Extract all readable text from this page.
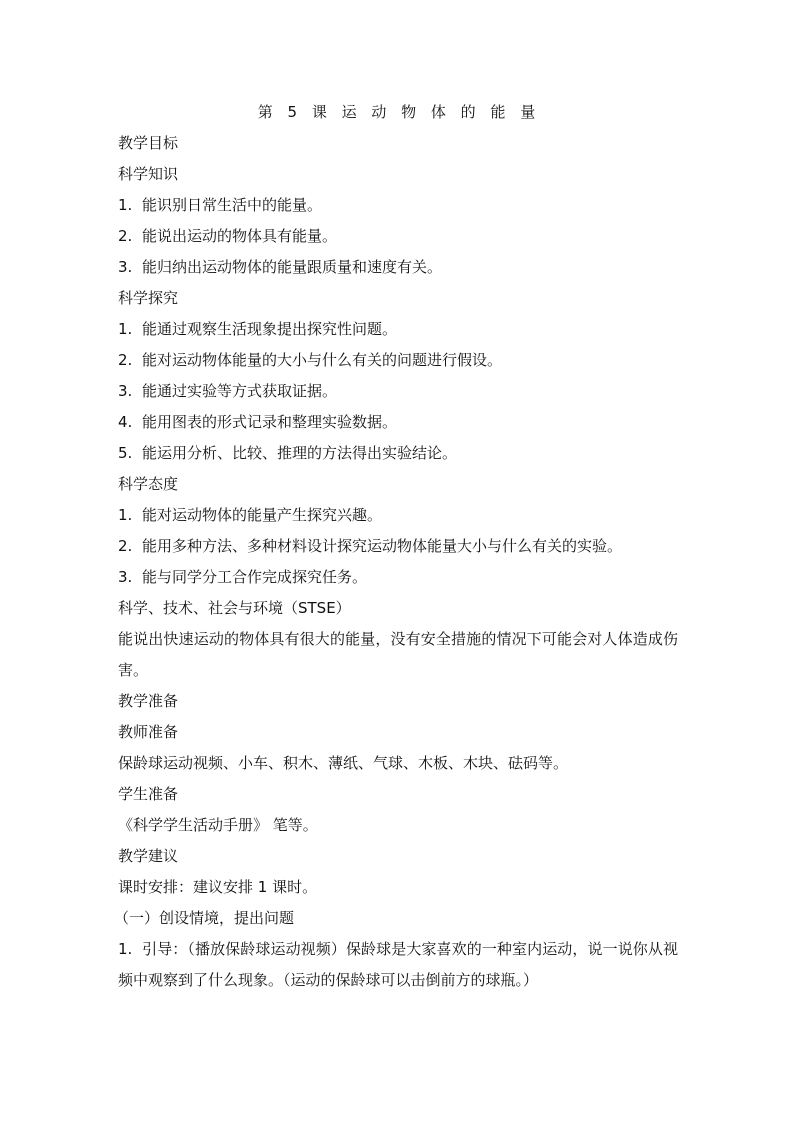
第 5 课 运 动 物 体 的 能 量
教学目标
科学知识
1. 能识别日常生活中的能量。
2. 能说出运动的物体具有能量。
3. 能归纳出运动物体的能量跟质量和速度有关。
科学探究
1. 能通过观察生活现象提出探究性问题。
2. 能对运动物体能量的大小与什么有关的问题进行假设。
3. 能通过实验等方式获取证据。
4. 能用图表的形式记录和整理实验数据。
5. 能运用分析、比较、推理的方法得出实验结论。
科学态度
1. 能对运动物体的能量产生探究兴趣。
2. 能用多种方法、多种材料设计探究运动物体能量大小与什么有关的实验。
3. 能与同学分工合作完成探究任务。
科学、技术、社会与环境（STSE）
能说出快速运动的物体具有很大的能量，没有安全措施的情况下可能会对人体造成伤害。
教学准备
教师准备
保龄球运动视频、小车、积木、薄纸、气球、木板、木块、砝码等。
学生准备
《科学学生活动手册》 笔等。
教学建议
课时安排：建议安排 1 课时。
（一）创设情境，提出问题
1. 引导：（播放保龄球运动视频）保龄球是大家喜欢的一种室内运动，说一说你从视频中观察到了什么现象。（运动的保龄球可以击倒前方的球瓶。）
